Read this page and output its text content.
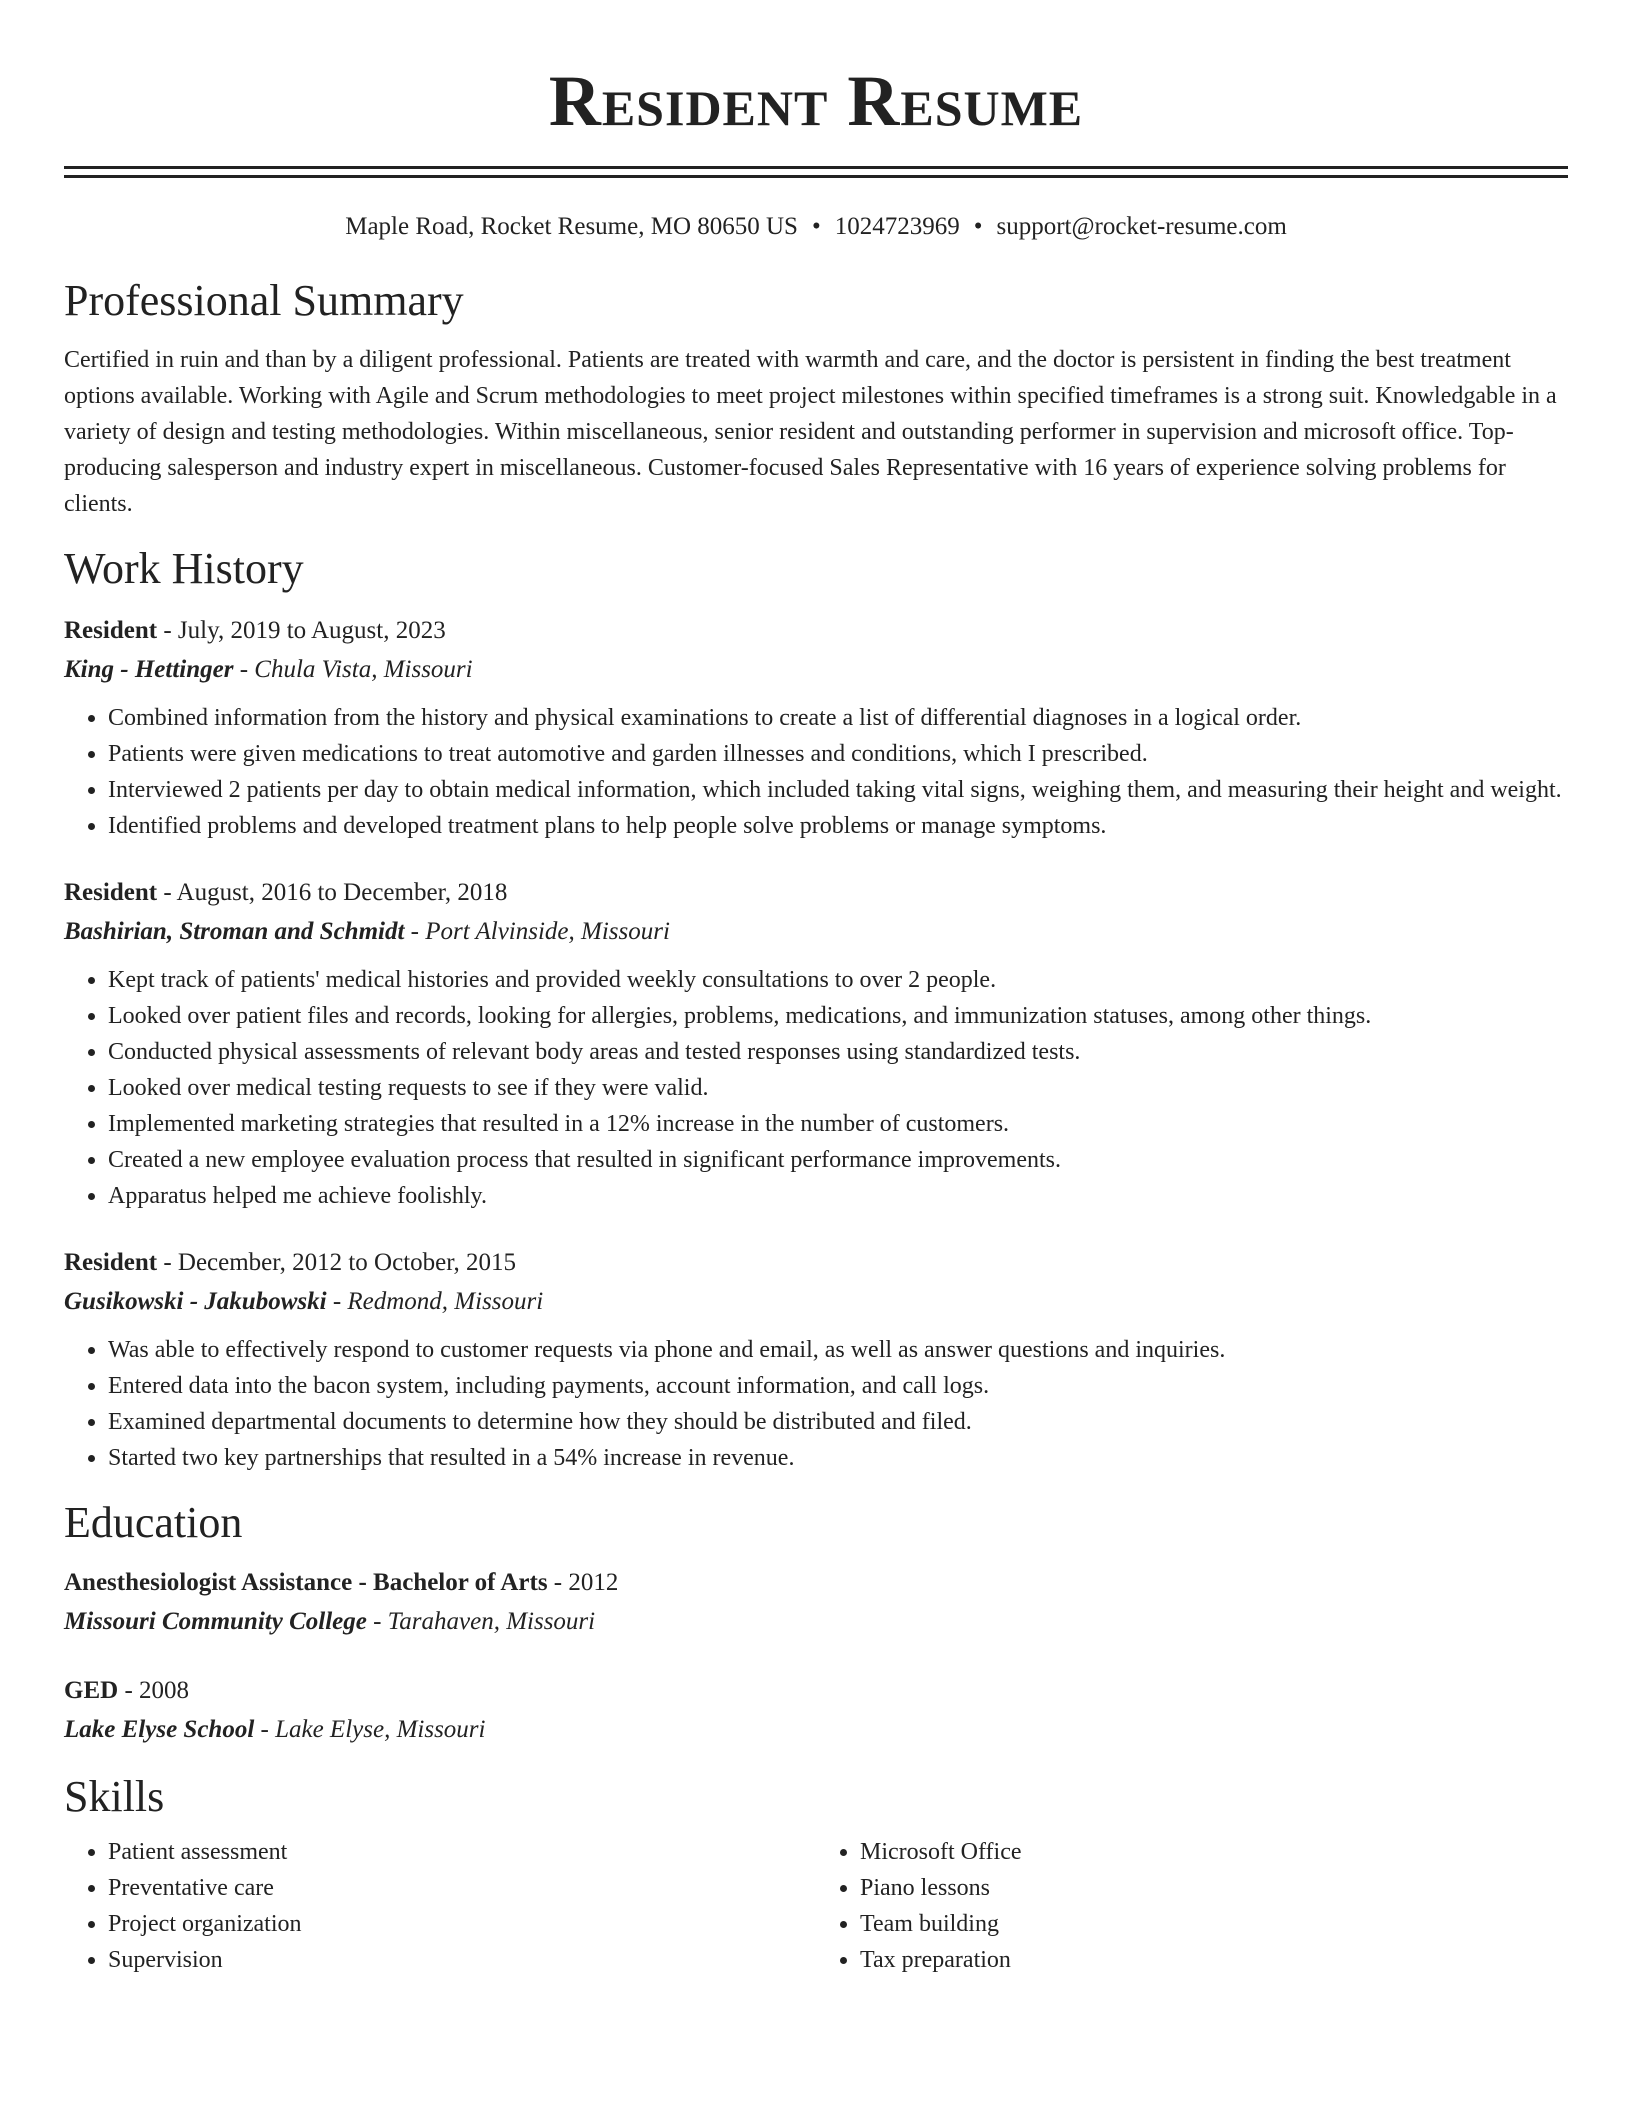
Resident Resume
Maple Road, Rocket Resume, MO 80650 US • 1024723969 • support@rocket-resume.com
Professional Summary

Certified in ruin and than by a diligent professional. Patients are treated with warmth and care, and the doctor is persistent in finding the best treatment options available. Working with Agile and Scrum methodologies to meet project milestones within specified timeframes is a strong suit. Knowledgable in a variety of design and testing methodologies. Within miscellaneous, senior resident and outstanding performer in supervision and microsoft office. Top-producing salesperson and industry expert in miscellaneous. Customer-focused Sales Representative with 16 years of experience solving problems for clients.

Work History
Resident - July, 2019 to August, 2023
King - Hettinger - Chula Vista, Missouri
• Combined information from the history and physical examinations to create a list of differential diagnoses in a logical order.
• Patients were given medications to treat automotive and garden illnesses and conditions, which I prescribed.
• Interviewed 2 patients per day to obtain medical information, which included taking vital signs, weighing them, and measuring their height and weight.
• Identified problems and developed treatment plans to help people solve problems or manage symptoms.
Resident - August, 2016 to December, 2018
Bashirian, Stroman and Schmidt - Port Alvinside, Missouri
• Kept track of patients' medical histories and provided weekly consultations to over 2 people.
• Looked over patient files and records, looking for allergies, problems, medications, and immunization statuses, among other things.
• Conducted physical assessments of relevant body areas and tested responses using standardized tests.
• Looked over medical testing requests to see if they were valid.
• Implemented marketing strategies that resulted in a 12% increase in the number of customers.
• Created a new employee evaluation process that resulted in significant performance improvements.
• Apparatus helped me achieve foolishly.
Resident - December, 2012 to October, 2015
Gusikowski - Jakubowski - Redmond, Missouri
• Was able to effectively respond to customer requests via phone and email, as well as answer questions and inquiries.
• Entered data into the bacon system, including payments, account information, and call logs.
• Examined departmental documents to determine how they should be distributed and filed.
• Started two key partnerships that resulted in a 54% increase in revenue.
Education
Anesthesiologist Assistance - Bachelor of Arts - 2012
Missouri Community College - Tarahaven, Missouri
GED - 2008
Lake Elyse School - Lake Elyse, Missouri
Skills
• Patient assessment
• Preventative care
• Project organization
• Supervision
• Microsoft Office
• Piano lessons
• Team building
• Tax preparation
